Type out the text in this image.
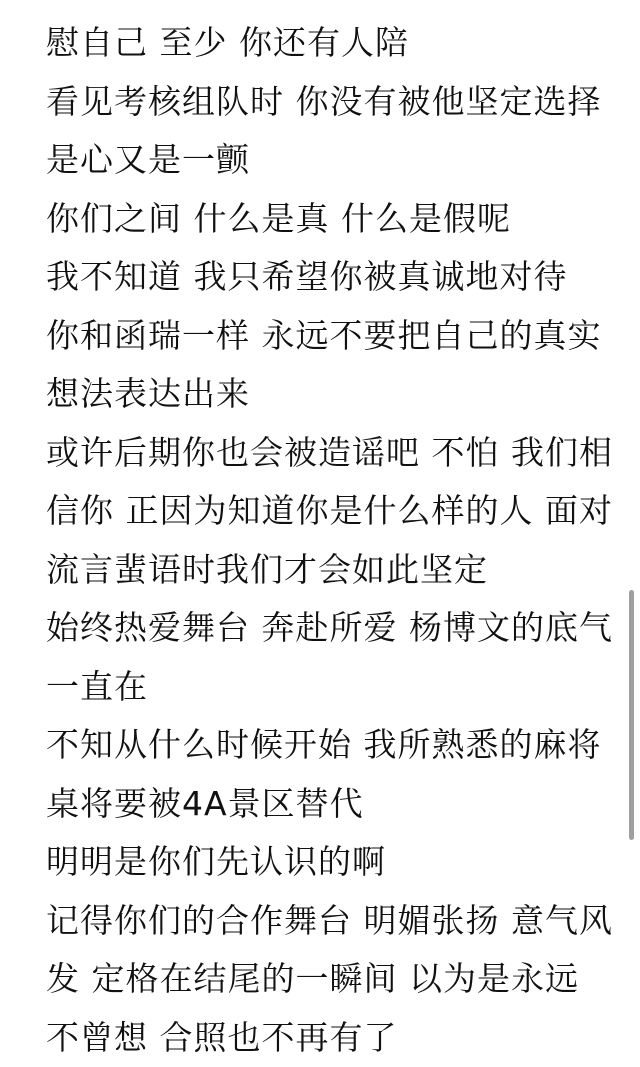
慰自己 至少 你还有人陪
看见考核组队时 你没有被他坚定选择
是心又是一颤
你们之间 什么是真 什么是假呢
我不知道 我只希望你被真诚地对待
你和函瑞一样 永远不要把自己的真实
想法表达出来
或许后期你也会被造谣吧 不怕 我们相
信你 正因为知道你是什么样的人 面对
流言蜚语时我们才会如此坚定
始终热爱舞台 奔赴所爱 杨博文的底气
一直在
不知从什么时候开始 我所熟悉的麻将
桌将要被4A景区替代
明明是你们先认识的啊
记得你们的合作舞台 明媚张扬 意气风
发 定格在结尾的一瞬间 以为是永远
不曾想 合照也不再有了
